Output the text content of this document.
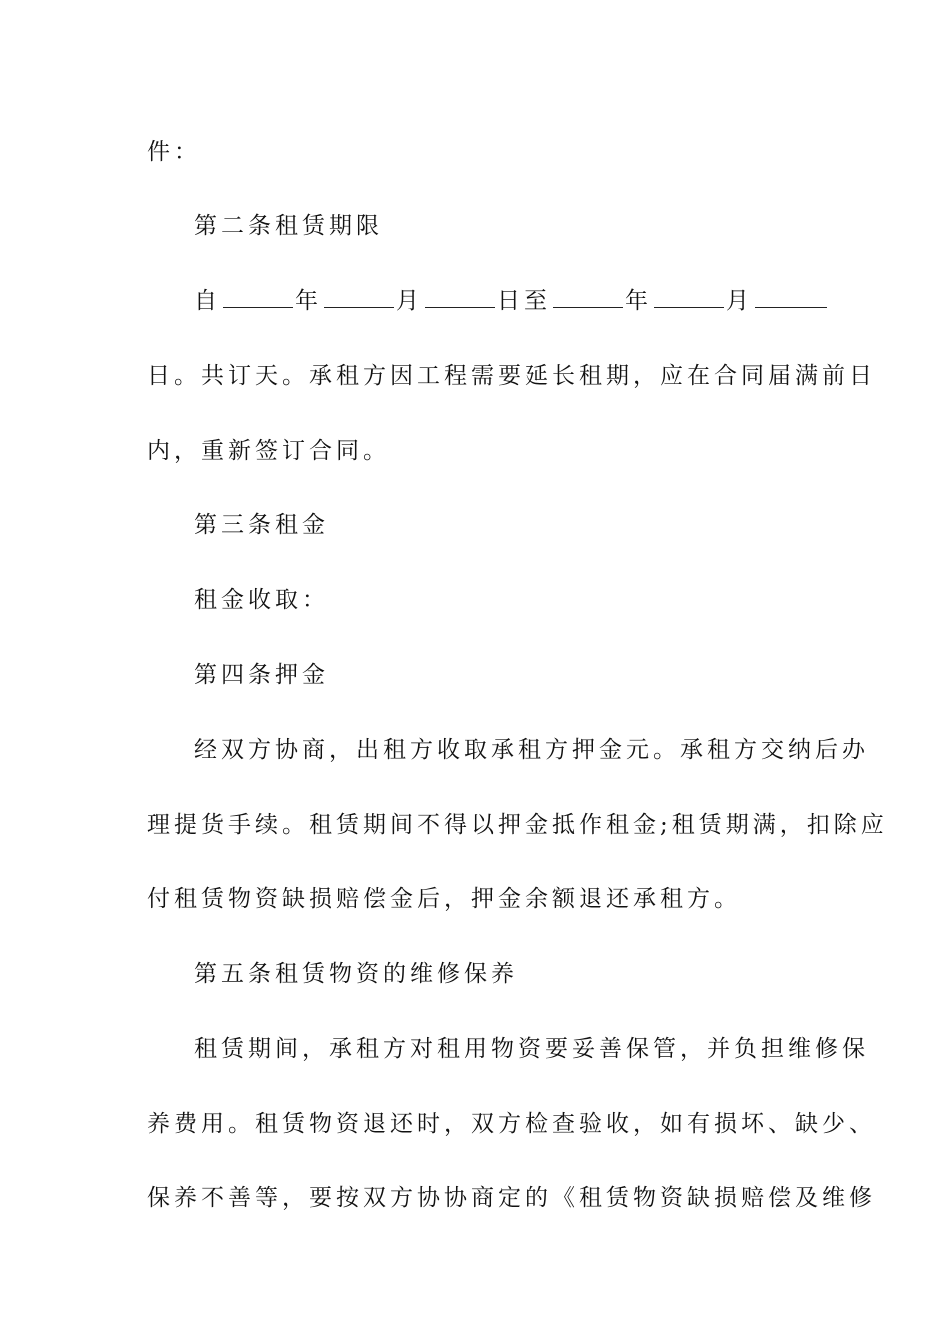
件：
第二条租赁期限
自	年	月	日至	年	月
日。共订天。承租方因工程需要延长租期，应在合同届满前日
内，重新签订合同。
第三条租金
租金收取：
第四条押金
经双方协商，出租方收取承租方押金元。承租方交纳后办
理提货手续。租赁期间不得以押金抵作租金;租赁期满，扣除应
付租赁物资缺损赔偿金后，押金余额退还承租方。
第五条租赁物资的维修保养
租赁期间，承租方对租用物资要妥善保管，并负担维修保
养费用。租赁物资退还时，双方检查验收，如有损坏、缺少、
保养不善等，要按双方协协商定的《租赁物资缺损赔偿及维修
